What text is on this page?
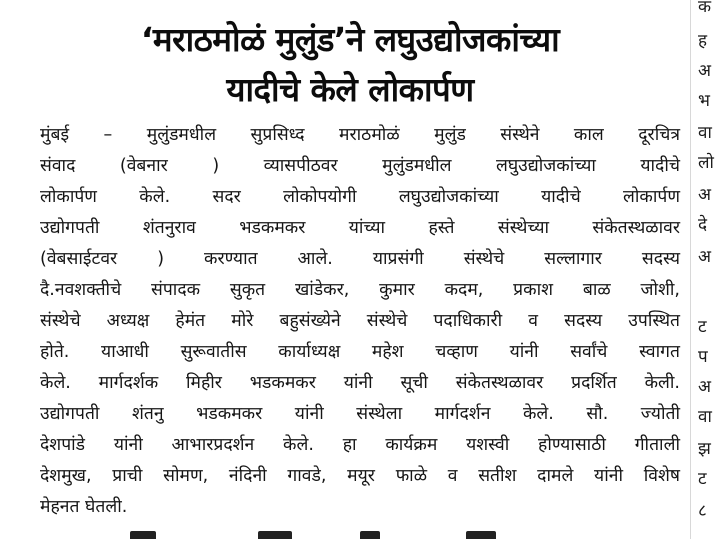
‘मराठमोळं मुलुंड’ने लघुउद्योजकांच्या
यादीचे केले लोकार्पण
मुंबई – मुलुंडमधील सुप्रसिध्द मराठमोळं मुलुंड संस्थेने काल दूरचित्र
संवाद (वेबनार ) व्यासपीठवर मुलुंडमधील लघुउद्योजकांच्या यादीचे
लोकार्पण केले. सदर लोकोपयोगी लघुउद्योजकांच्या यादीचे लोकार्पण
उद्योगपती शंतनुराव भडकमकर यांच्या हस्ते संस्थेच्या संकेतस्थळावर
(वेबसाईटवर ) करण्यात आले. याप्रसंगी संस्थेचे सल्लागार सदस्य
दै.नवशक्तीचे संपादक सुकृत खांडेकर, कुमार कदम, प्रकाश बाळ जोशी,
संस्थेचे अध्यक्ष हेमंत मोरे बहुसंख्येने संस्थेचे पदाधिकारी व सदस्य उपस्थित
होते. याआधी सुरूवातीस कार्याध्यक्ष महेश चव्हाण यांनी सर्वांचे स्वागत
केले. मार्गदर्शक मिहीर भडकमकर यांनी सूची संकेतस्थळावर प्रदर्शित केली.
उद्योगपती शंतनु भडकमकर यांनी संस्थेला मार्गदर्शन केले. सौ. ज्योती
देशपांडे यांनी आभारप्रदर्शन केले. हा कार्यक्रम यशस्वी होण्यासाठी गीताली
देशमुख, प्राची सोमण, नंदिनी गावडे, मयूर फाळे व सतीश दामले यांनी विशेष
मेहनत घेतली.
क
ह
अ
भ
वा
लो
अ
दे
अ
ट
प
अ
वा
झ
ट
८
